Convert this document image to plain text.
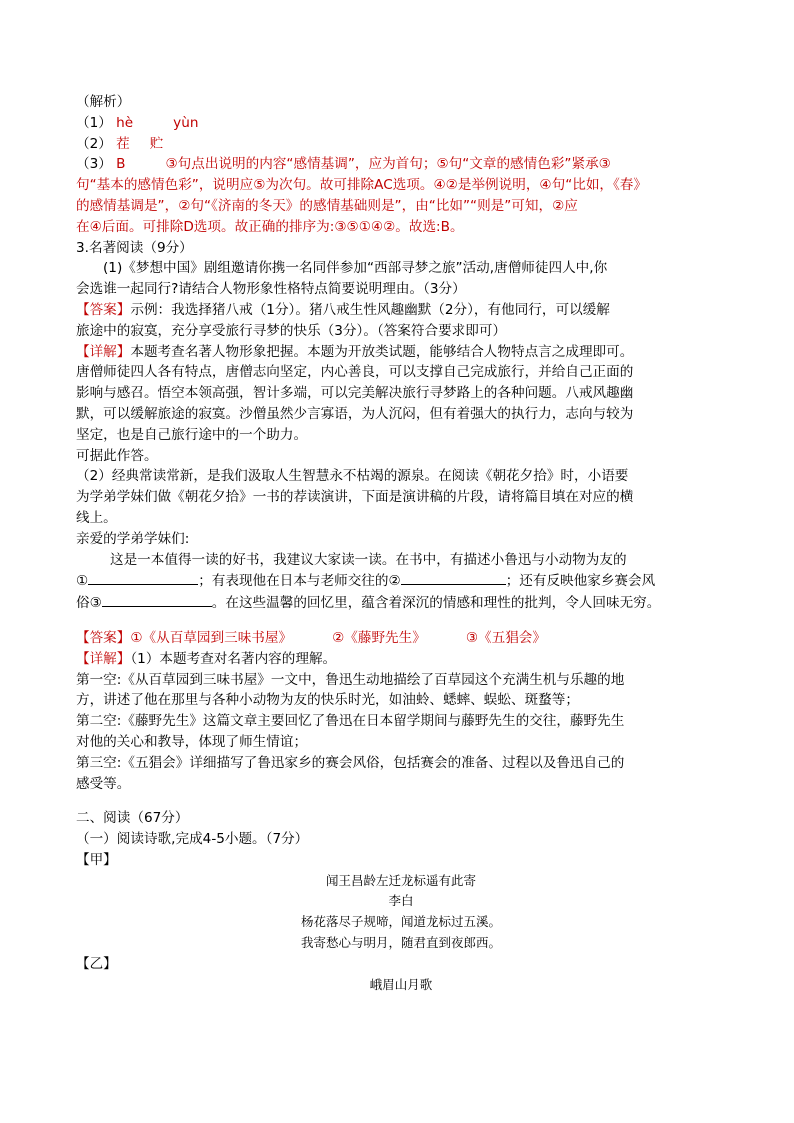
（解析）

（1） hè	yùn

（2） 茬 贮

（3） B	③句点出说明的内容“感情基调”，应为首句；⑤句“文章的感情色彩”紧承③

句“基本的感情色彩”，说明应⑤为次句。故可排除AC选项。④②是举例说明，④句“比如，《春》

的感情基调是”，②句“《济南的冬天》的感情基础则是”，由“比如”“则是”可知，②应

在④后面。可排除D选项。故正确的排序为:③⑤①④②。故选:B。

3.名著阅读（9分）

(1)《梦想中国》剧组邀请你携一名同伴参加“西部寻梦之旅”活动,唐僧师徒四人中,你

会选谁一起同行?请结合人物形象性格特点简要说明理由。（3分）

【答案】示例：我选择猪八戒（1分）。猪八戒生性风趣幽默（2分），有他同行，可以缓解

旅途中的寂寞，充分享受旅行寻梦的快乐（3分）。（答案符合要求即可）

【详解】本题考查名著人物形象把握。本题为开放类试题，能够结合人物特点言之成理即可。

唐僧师徒四人各有特点，唐僧志向坚定，内心善良，可以支撑自己完成旅行，并给自己正面的

影响与感召。悟空本领高强，智计多端，可以完美解决旅行寻梦路上的各种问题。八戒风趣幽

默，可以缓解旅途的寂寞。沙僧虽然少言寡语，为人沉闷，但有着强大的执行力，志向与较为

坚定，也是自己旅行途中的一个助力。

可据此作答。

（2）经典常读常新，是我们汲取人生智慧永不枯竭的源泉。在阅读《朝花夕拾》时，小语要

为学弟学妹们做《朝花夕拾》一书的荐读演讲，下面是演讲稿的片段，请将篇目填在对应的横

线上。

亲爱的学弟学妹们:

这是一本值得一读的好书，我建议大家读一读。在书中，有描述小鲁迅与小动物为友的

①	；有表现他在日本与老师交往的②	；还有反映他家乡赛会风

俗③	。在这些温馨的回忆里，蕴含着深沉的情感和理性的批判，令人回味无穷。

【答案】①《从百草园到三味书屋》	②《藤野先生》	③《五猖会》

【详解】（1）本题考查对名著内容的理解。

第一空:《从百草园到三味书屋》一文中，鲁迅生动地描绘了百草园这个充满生机与乐趣的地

方，讲述了他在那里与各种小动物为友的快乐时光，如油蛉、蟋蟀、蜈蚣、斑蝥等；

第二空:《藤野先生》这篇文章主要回忆了鲁迅在日本留学期间与藤野先生的交往，藤野先生

对他的关心和教导，体现了师生情谊；

第三空:《五猖会》详细描写了鲁迅家乡的赛会风俗，包括赛会的准备、过程以及鲁迅自己的

感受等。

二、阅读（67分）

（一）阅读诗歌,完成4-5小题。（7分）

【甲】

闻王昌龄左迁龙标遥有此寄

李白

杨花落尽子规啼，闻道龙标过五溪。

我寄愁心与明月，随君直到夜郎西。

【乙】

峨眉山月歌
